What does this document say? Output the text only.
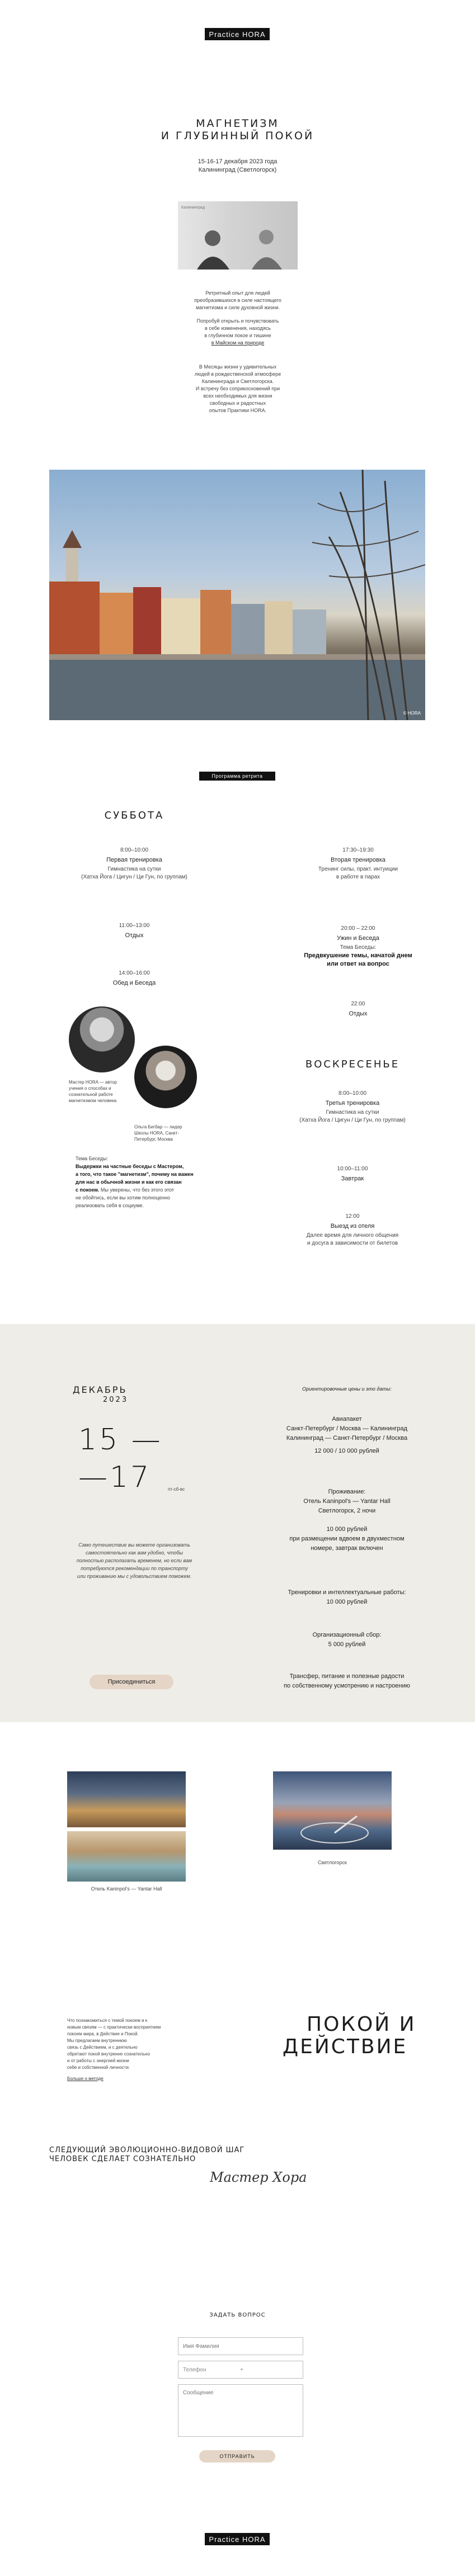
Practice HORA
МАГНЕТИЗМ
И ГЛУБИННЫЙ ПОКОЙ
15-16-17 декабря 2023 года
Калининград (Светлогорск)
Калининград
Ретритный опыт для людей
преобразившихся в силе настоящего
магнетизма и силе духовной жизни.
Попробуй открыть и почувствовать
в себе изменения, находясь
в глубинном покое и тишине
в Майском на природе
В Месяцы жизни у удивительных
людей в рождественской атмосфере
Калининграда и Светлогорска.
И встречу без соприкосновений при
всех необходимых для жизни
свободных и радостных
опытов Практики HORA.
© HORA
Программа ретрита
СУББОТА
8:00–10:00
Первая тренировка
Гимнастика на сутки
(Хатха Йога / Цигун / Ци Гун, по группам)
11:00–13:00
Отдых
14:00–16:00
Обед и Беседа
17:30–19:30
Вторая тренировка
Тренинг силы, практ. интуиции
в работе в парах
20:00 – 22:00
Ужин и Беседа
Тема Беседы:
Предвкушение темы, начатой днем
или ответ на вопрос
22:00
Отдых
Мастер HORA — автор
учения о способах и
сознательной работе
магнетизмом человека
Ольга Бигбар — лидер
Школы HORA, Санкт-
Петербург, Москва
Тема Беседы:
Выдержки на частные беседы с Мастером,
а того, что такое "магнетизм", почему на важен
для нас в обычной жизни и как его связан
с покоем. Мы уверены, что без этого этот
не обойтись, если вы хотим полноценно
реализовать себя в социуме.
ВОСКРЕСЕНЬЕ
8:00–10:00
Третья тренировка
Гимнастика на сутки
(Хатха Йога / Цигун / Ци Гун, по группам)
10:00–11:00
Завтрак
12:00
Выезд из отеля
Далее время для личного общения
и досуга в зависимости от билетов
ДЕКАБРЬ
2023
15 —
—17	пт-сб-вс
Само путешествие вы можете организовать
самостоятельно как вам удобно, чтобы
полностью располагать временем, но если вам
потребуются рекомендации по транспорту
или проживанию мы с удовольствием поможем.
Присоединиться
Ориентировочные цены и это даты:
Авиапакет
Санкт-Петербург / Москва — Калининград
Калининград — Санкт-Петербург / Москва
12 000 / 10 000 рублей
Проживание:
Отель Kaninpol's — Yantar Hall
Светлогорск, 2 ночи
10 000 рублей
при размещении вдвоем в двухместном
номере, завтрак включен
Тренировки и интеллектуальные работы:
10 000 рублей
Организационный сбор:
5 000 рублей
Трансфер, питание и полезные радости
по собственному усмотрению и настроению
Отель Kaninpol's — Yantar Hall
Светлогорск
Что познакомиться с темой покоем и к
новым связям — с практически восприятием
покоем мира, в Действие и Покой.
Мы предлагаем внутреннюю
связь с Действием, и с деятельно
обретают покой внутренне сознательно
и от работы с энергией жизни
себе и собственной личности.
Больше о методе
ПОКОЙ И
ДЕЙСТВИЕ
СЛЕДУЮЩИЙ ЭВОЛЮЦИОННО-ВИДОВОЙ ШАГ
ЧЕЛОВЕК СДЕЛАЕТ СОЗНАТЕЛЬНО
Мастер Хора
ЗАДАТЬ ВОПРОС
Имя Фамилия
Телефон	+
Сообщение
ОТПРАВИТЬ
Practice HORA
